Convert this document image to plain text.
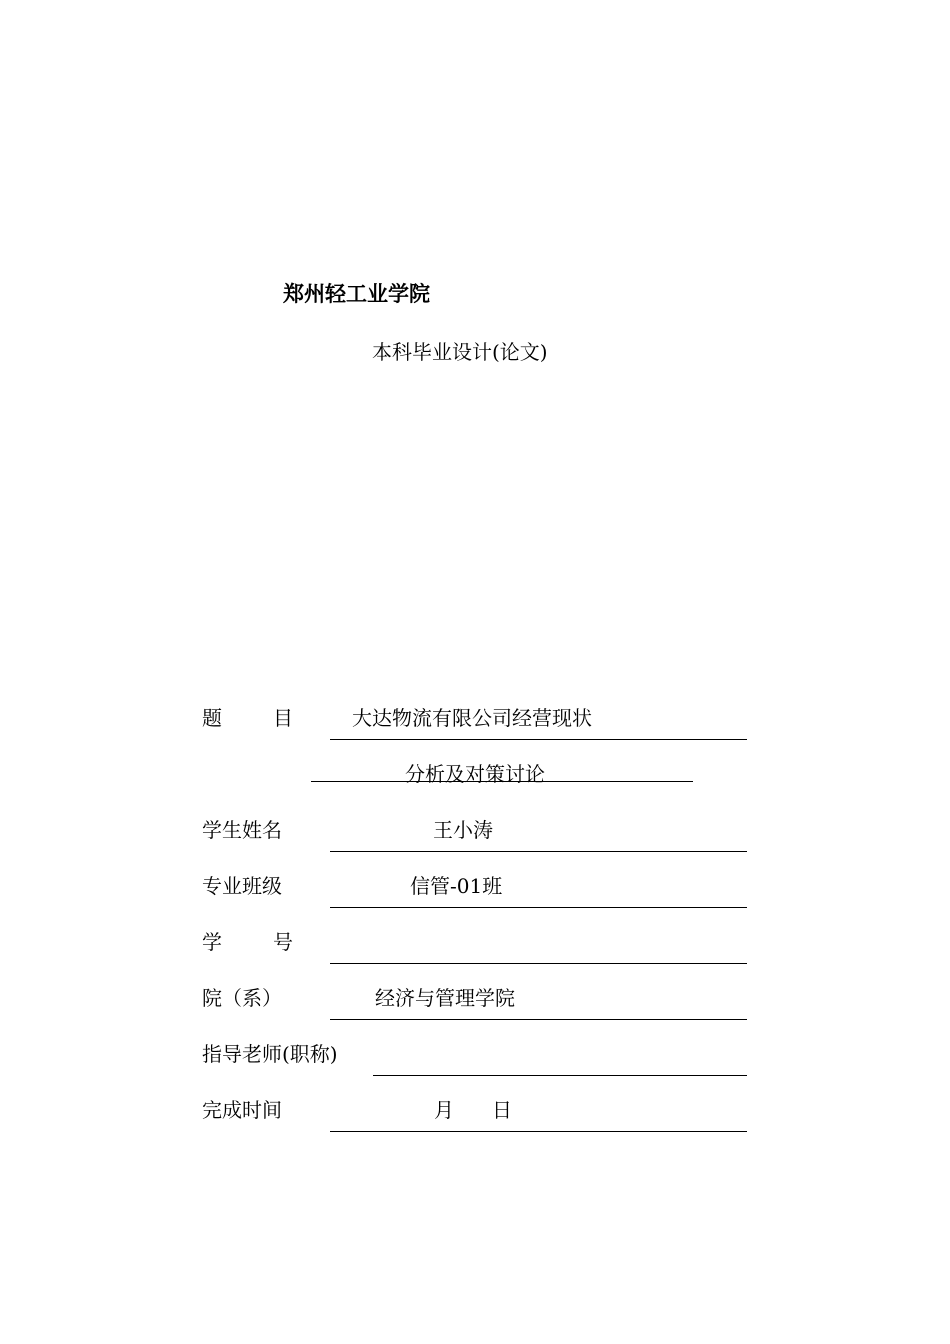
郑州轻工业学院
本科毕业设计(论文)
题	目	大达物流有限公司经营现状
分析及对策讨论
学生姓名	王小涛
专业班级	信管-01班
学	号
院（系）	经济与管理学院
指导老师(职称)
完成时间	月 日
